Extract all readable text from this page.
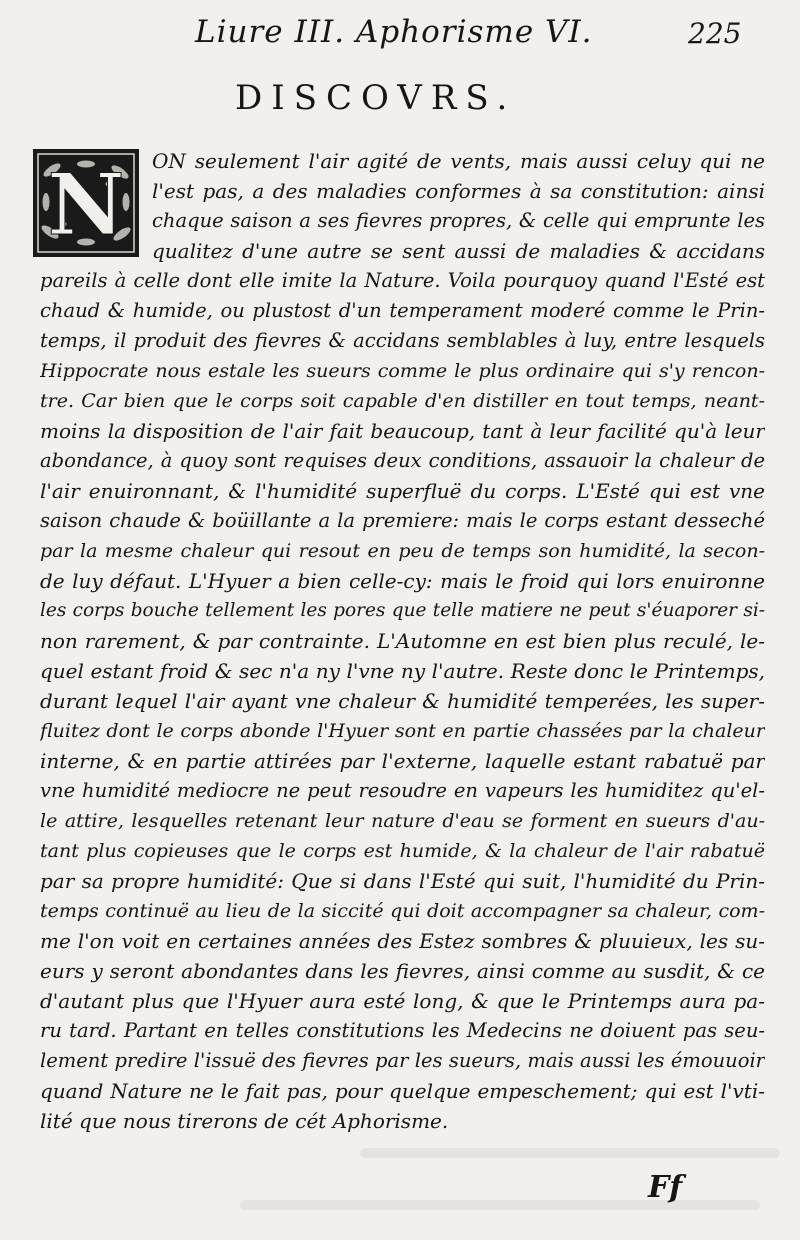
Liure III. Aphorisme VI.	225
DISCOVRS.
N ON seulement l'air agité de vents, mais aussi celuy qui ne
l'est pas, a des maladies conformes à sa constitution: ainsi
chaque saison a ses fievres propres, & celle qui emprunte les
qualitez d'une autre se sent aussi de maladies & accidans
pareils à celle dont elle imite la Nature. Voila pourquoy quand l'Esté est
chaud & humide, ou plustost d'un temperament moderé comme le Prin-
temps, il produit des fievres & accidans semblables à luy, entre lesquels
Hippocrate nous estale les sueurs comme le plus ordinaire qui s'y rencon-
tre. Car bien que le corps soit capable d'en distiller en tout temps, neant-
moins la disposition de l'air fait beaucoup, tant à leur facilité qu'à leur
abondance, à quoy sont requises deux conditions, assauoir la chaleur de
l'air enuironnant, & l'humidité superfluë du corps. L'Esté qui est vne
saison chaude & boüillante a la premiere: mais le corps estant desseché
par la mesme chaleur qui resout en peu de temps son humidité, la secon-
de luy défaut. L'Hyuer a bien celle-cy: mais le froid qui lors enuironne
les corps bouche tellement les pores que telle matiere ne peut s'éuaporer si-
non rarement, & par contrainte. L'Automne en est bien plus reculé, le-
quel estant froid & sec n'a ny l'vne ny l'autre. Reste donc le Printemps,
durant lequel l'air ayant vne chaleur & humidité temperées, les super-
fluitez dont le corps abonde l'Hyuer sont en partie chassées par la chaleur
interne, & en partie attirées par l'externe, laquelle estant rabatuë par
vne humidité mediocre ne peut resoudre en vapeurs les humiditez qu'el-
le attire, lesquelles retenant leur nature d'eau se forment en sueurs d'au-
tant plus copieuses que le corps est humide, & la chaleur de l'air rabatuë
par sa propre humidité: Que si dans l'Esté qui suit, l'humidité du Prin-
temps continuë au lieu de la siccité qui doit accompagner sa chaleur, com-
me l'on voit en certaines années des Estez sombres & pluuieux, les su-
eurs y seront abondantes dans les fievres, ainsi comme au susdit, & ce
d'autant plus que l'Hyuer aura esté long, & que le Printemps aura pa-
ru tard. Partant en telles constitutions les Medecins ne doiuent pas seu-
lement predire l'issuë des fievres par les sueurs, mais aussi les émouuoir
quand Nature ne le fait pas, pour quelque empeschement; qui est l'vti-
lité que nous tirerons de cét Aphorisme.
Ff
